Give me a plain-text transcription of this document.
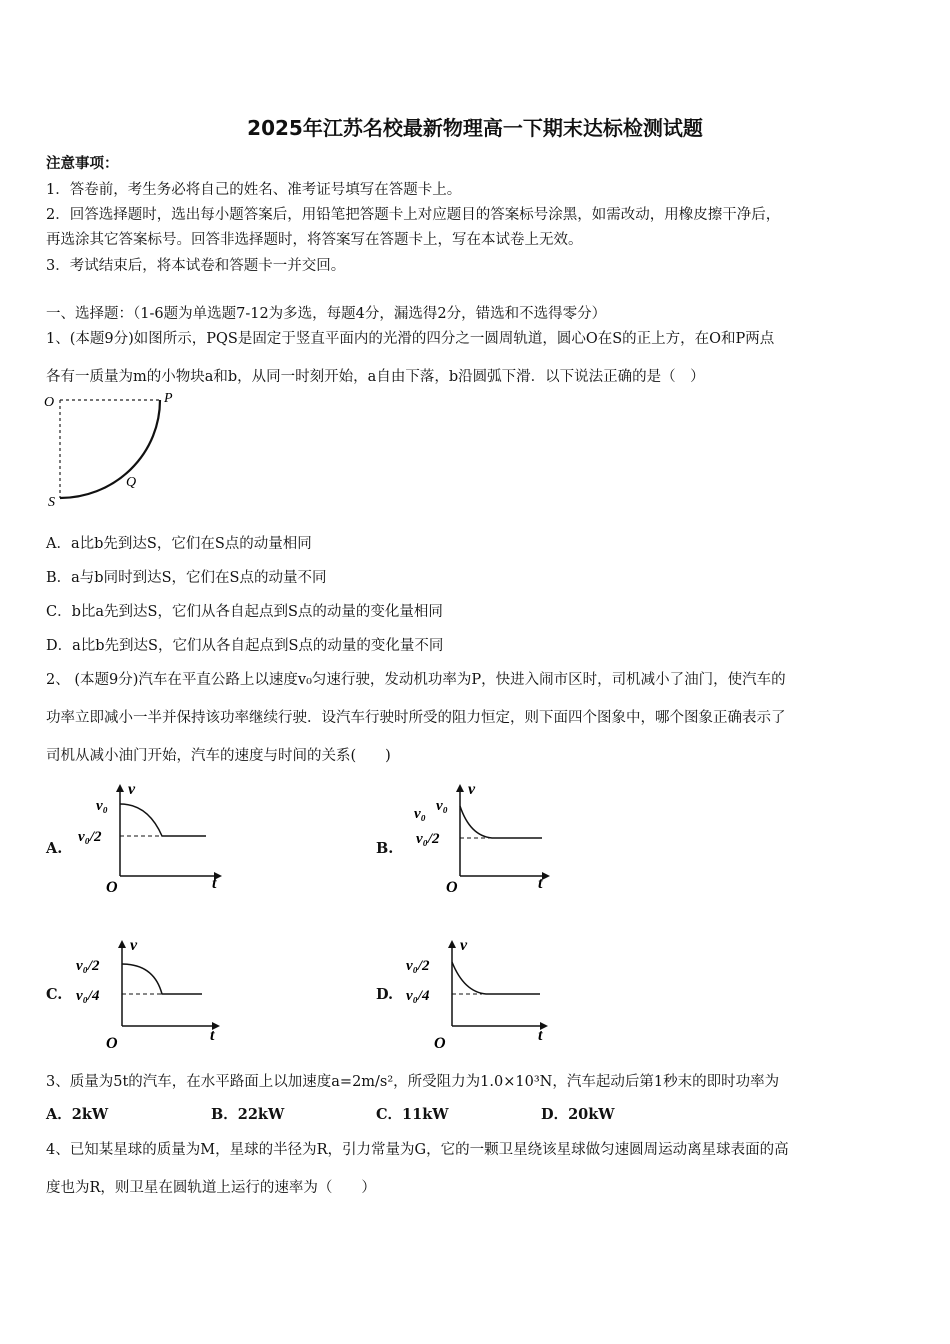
2025年江苏名校最新物理高一下期末达标检测试题
注意事项：
1．答卷前，考生务必将自己的姓名、准考证号填写在答题卡上。
2．回答选择题时，选出每小题答案后，用铅笔把答题卡上对应题目的答案标号涂黑，如需改动，用橡皮擦干净后，
再选涂其它答案标号。回答非选择题时，将答案写在答题卡上，写在本试卷上无效。
3．考试结束后，将本试卷和答题卡一并交回。
一、选择题：（1-6题为单选题7-12为多选，每题4分，漏选得2分，错选和不选得零分）
1、(本题9分)如图所示，PQS是固定于竖直平面内的光滑的四分之一圆周轨道，圆心O在S的正上方，在O和P两点
各有一质量为m的小物块a和b，从同一时刻开始，a自由下落，b沿圆弧下滑．以下说法正确的是（　）
O	P
Q
S
A．a比b先到达S，它们在S点的动量相同
B．a与b同时到达S，它们在S点的动量不同
C．b比a先到达S，它们从各自起点到S点的动量的变化量相同
D．a比b先到达S，它们从各自起点到S点的动量的变化量不同
2、 (本题9分)汽车在平直公路上以速度v₀匀速行驶，发动机功率为P，快进入闹市区时，司机减小了油门，使汽车的
功率立即减小一半并保持该功率继续行驶．设汽车行驶时所受的阻力恒定，则下面四个图象中，哪个图象正确表示了
司机从减小油门开始，汽车的速度与时间的关系(　　)
A.
v
t
O
v₀
v₀/2
B.
v
t
O
v₀ v₀
v₀/2
C.
v
t
O
v₀/2
v₀/4	D.
v
t
O
v₀/2
v₀/4
3、质量为5t的汽车，在水平路面上以加速度a=2m/s²，所受阻力为1.0×10³N，汽车起动后第1秒末的即时功率为
A．2kW	B．22kW	C．11kW	D．20kW
4、已知某星球的质量为M，星球的半径为R，引力常量为G，它的一颗卫星绕该星球做匀速圆周运动离星球表面的高
度也为R，则卫星在圆轨道上运行的速率为（　　）
